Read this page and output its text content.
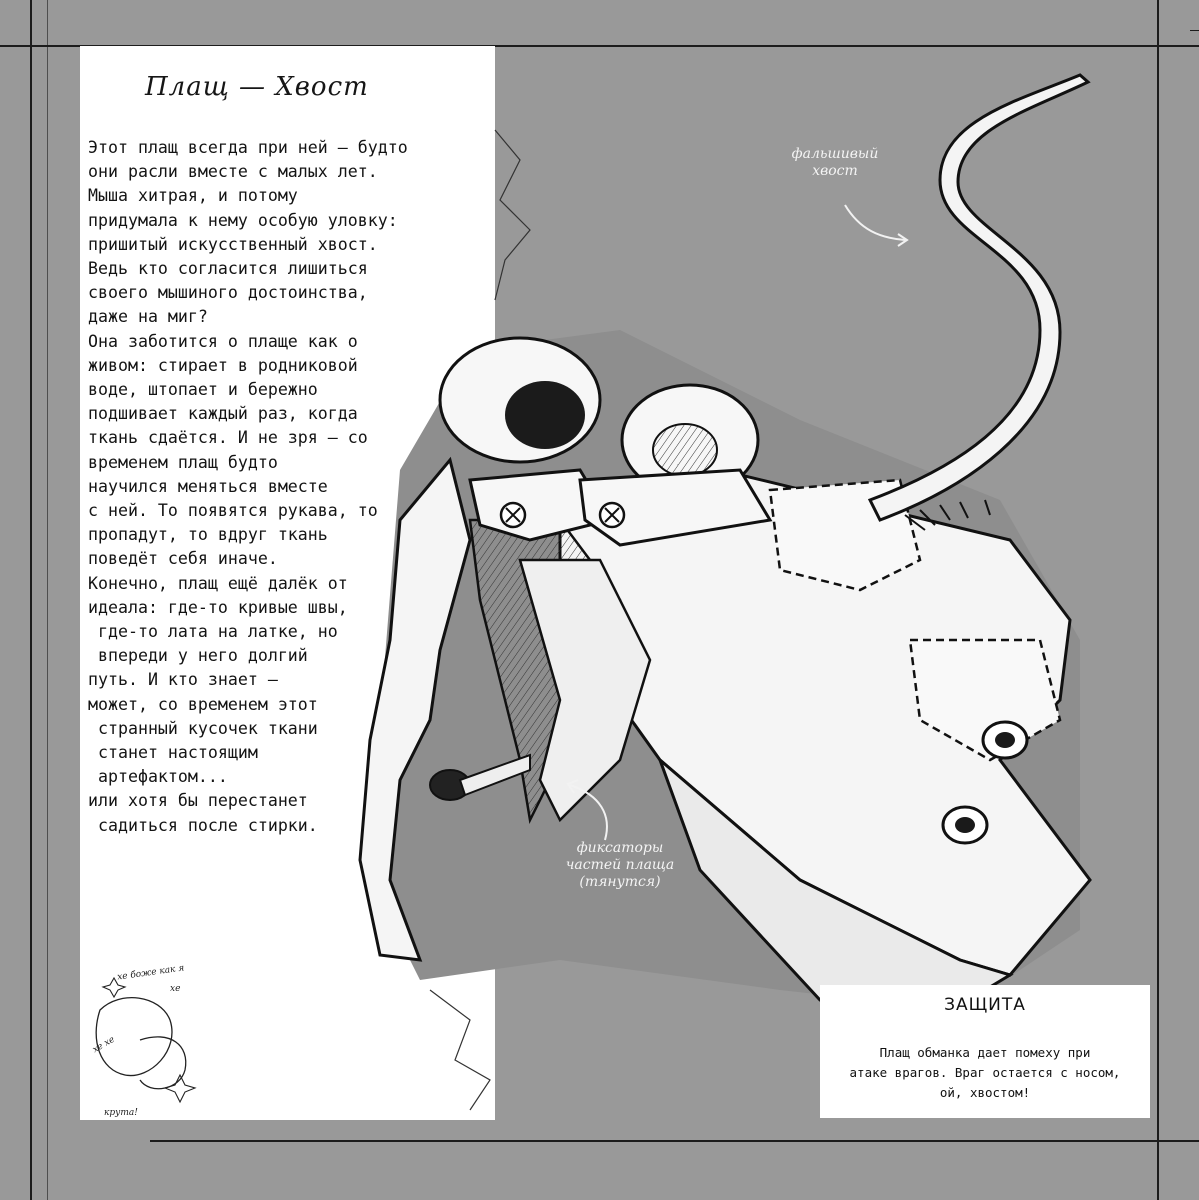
Плащ — Хвост
Этот плащ всегда при ней — будто
они расли вместе с малых лет.
Мыша хитрая, и потому
придумала к нему особую уловку:
пришитый искусственный хвост.
Ведь кто согласится лишиться
своего мышиного достоинства,
даже на миг?
Она заботится о плаще как о
живом: стирает в родниковой
воде, штопает и бережно
подшивает каждый раз, когда
ткань сдаётся. И не зря — со
временем плащ будто
научился меняться вместе
с ней. То появятся рукава, то
пропадут, то вдруг ткань
поведёт себя иначе.
Конечно, плащ ещё далёк от
идеала: где-то кривые швы,
где-то лата на латке, но
впереди у него долгий
путь. И кто знает —
может, со временем этот
странный кусочек ткани
станет настоящим
артефактом...
или хотя бы перестанет
садиться после стирки.
фальшивый
хвост
фиксаторы
частей плаща
(тянутся)
ЗАЩИТА
Плащ обманка дает помеху при
атаке врагов. Враг остается с носом,
ой, хвостом!
хе боже как я
хе
хе хе
крута!
